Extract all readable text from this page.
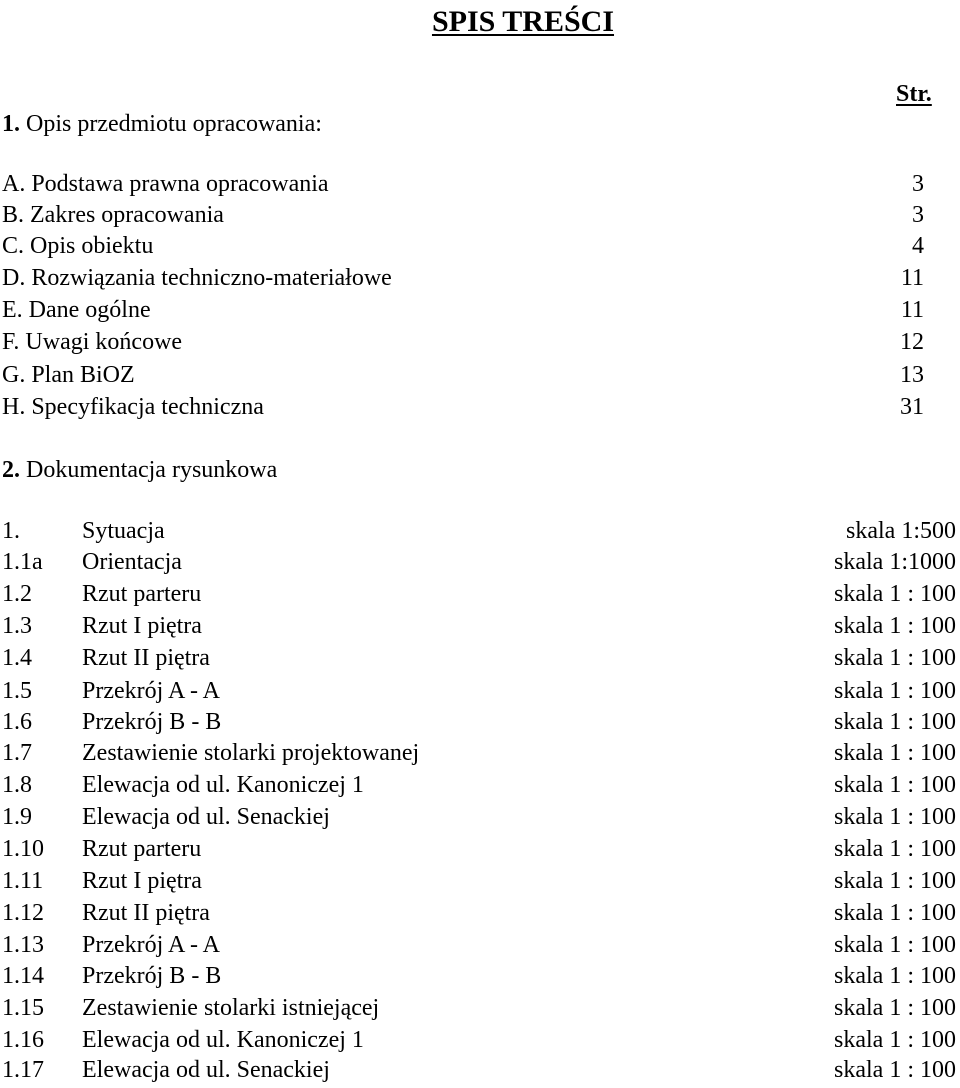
SPIS TREŚCI
Str.
1. Opis przedmiotu opracowania:
A. Podstawa prawna opracowania	3
B. Zakres opracowania	3
C. Opis obiektu	4
D. Rozwiązania techniczno-materiałowe	11
E. Dane ogólne	11
F. Uwagi końcowe	12
G. Plan BiOZ	13
H. Specyfikacja techniczna	31
2. Dokumentacja rysunkowa
1.	Sytuacja	skala 1:500
1.1a Orientacja	skala 1:1000
1.2 Rzut parteru	skala 1 : 100
1.3 Rzut I piętra	skala 1 : 100
1.4 Rzut II piętra	skala 1 : 100
1.5 Przekrój A - A	skala 1 : 100
1.6 Przekrój B - B	skala 1 : 100
1.7 Zestawienie stolarki projektowanej	skala 1 : 100
1.8 Elewacja od ul. Kanoniczej 1	skala 1 : 100
1.9 Elewacja od ul. Senackiej	skala 1 : 100
1.10 Rzut parteru	skala 1 : 100
1.11 Rzut I piętra	skala 1 : 100
1.12 Rzut II piętra	skala 1 : 100
1.13 Przekrój A - A	skala 1 : 100
1.14 Przekrój B - B	skala 1 : 100
1.15 Zestawienie stolarki istniejącej	skala 1 : 100
1.16 Elewacja od ul. Kanoniczej 1	skala 1 : 100
1.17 Elewacja od ul. Senackiej	skala 1 : 100
